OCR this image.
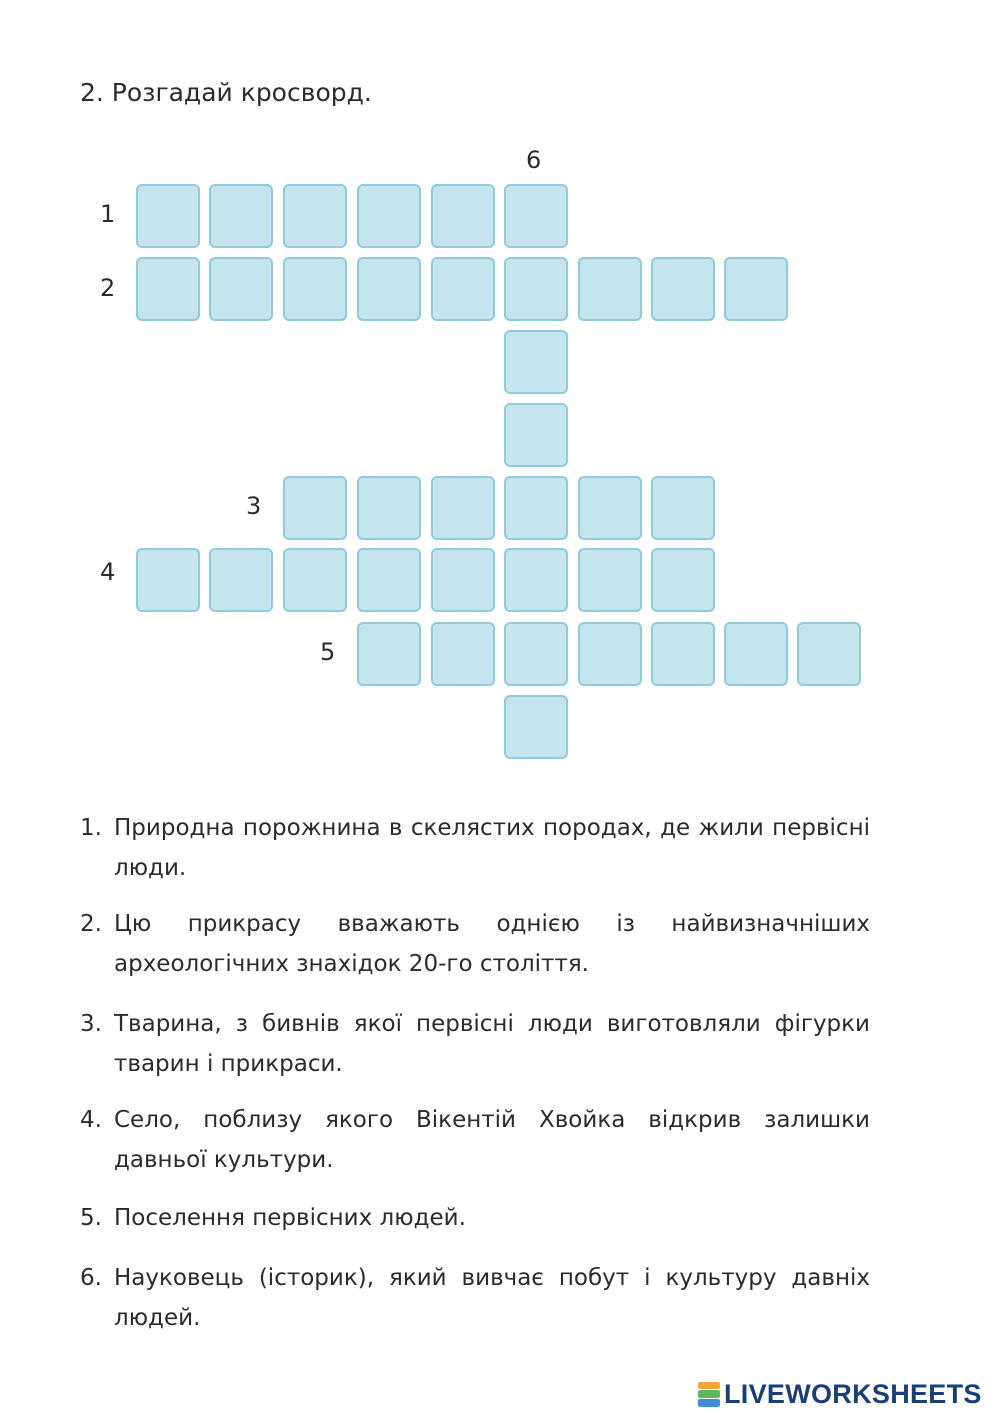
2. Розгадай кросворд.
6
1
2
3
4
5
1. Природна порожнина в скелястих породах, де жили первісні люди.
2. Цю прикрасу вважають однією із найвизначніших археологічних знахідок 20-го століття.
3. Тварина, з бивнів якої первісні люди виготовляли фігурки тварин і прикраси.
4. Село, поблизу якого Вікентій Хвойка відкрив залишки давньої культури.
5. Поселення первісних людей.
6. Науковець (історик), який вивчає побут і культуру давніх людей.
LIVEWORKSHEETS
